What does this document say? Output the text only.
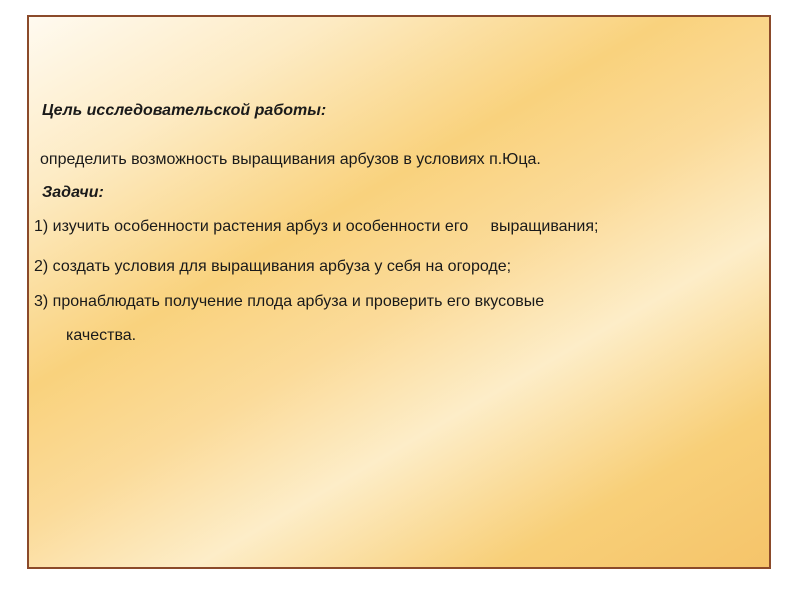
Цель исследовательской работы:

определить возможность выращивания арбузов в условиях п.Юца.

Задачи:

1) изучить особенности растения арбуз и особенности его     выращивания;

2) создать условия для выращивания арбуза у себя на огороде;

3) пронаблюдать получение плода арбуза и проверить его вкусовые

качества.
